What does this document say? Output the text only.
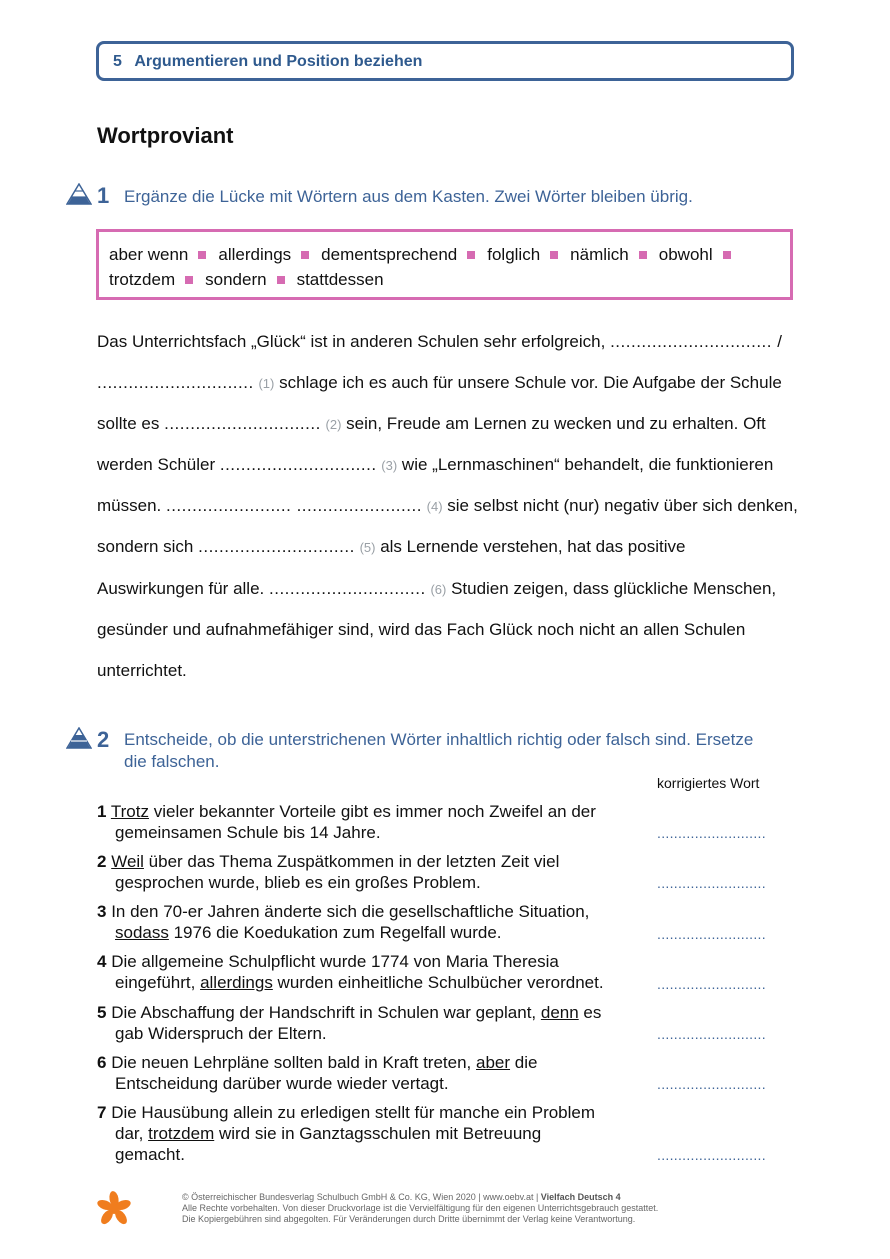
5 Argumentieren und Position beziehen
Wortproviant
1 Ergänze die Lücke mit Wörtern aus dem Kasten. Zwei Wörter bleiben übrig.
aber wenn allerdings dementsprechend folglich nämlich obwohl
trotzdem sondern stattdessen
Das Unterrichtsfach „Glück“ ist in anderen Schulen sehr erfolgreich, ............................... /
.............................. (1) schlage ich es auch für unsere Schule vor. Die Aufgabe der Schule
sollte es .............................. (2) sein, Freude am Lernen zu wecken und zu erhalten. Oft
werden Schüler .............................. (3) wie „Lernmaschinen“ behandelt, die funktionieren
müssen. ........................ ........................ (4) sie selbst nicht (nur) negativ über sich denken,
sondern sich .............................. (5) als Lernende verstehen, hat das positive
Auswirkungen für alle. .............................. (6) Studien zeigen, dass glückliche Menschen,
gesünder und aufnahmefähiger sind, wird das Fach Glück noch nicht an allen Schulen
unterrichtet.
2 Entscheide, ob die unterstrichenen Wörter inhaltlich richtig oder falsch sind. Ersetze
die falschen.
korrigiertes Wort
1 Trotz vieler bekannter Vorteile gibt es immer noch Zweifel an der
gemeinsamen Schule bis 14 Jahre.	..........................
2 Weil über das Thema Zuspätkommen in der letzten Zeit viel
gesprochen wurde, blieb es ein großes Problem.	..........................
3 In den 70-er Jahren änderte sich die gesellschaftliche Situation,
sodass 1976 die Koedukation zum Regelfall wurde.	..........................
4 Die allgemeine Schulpflicht wurde 1774 von Maria Theresia
eingeführt, allerdings wurden einheitliche Schulbücher verordnet.	..........................
5 Die Abschaffung der Handschrift in Schulen war geplant, denn es
gab Widerspruch der Eltern.	..........................
6 Die neuen Lehrpläne sollten bald in Kraft treten, aber die
Entscheidung darüber wurde wieder vertagt.	..........................
7 Die Hausübung allein zu erledigen stellt für manche ein Problem
dar, trotzdem wird sie in Ganztagsschulen mit Betreuung
gemacht.	..........................
© Österreichischer Bundesverlag Schulbuch GmbH & Co. KG, Wien 2020 | www.oebv.at | Vielfach Deutsch 4
Alle Rechte vorbehalten. Von dieser Druckvorlage ist die Vervielfältigung für den eigenen Unterrichtsgebrauch gestattet.
Die Kopiergebühren sind abgegolten. Für Veränderungen durch Dritte übernimmt der Verlag keine Verantwortung.
